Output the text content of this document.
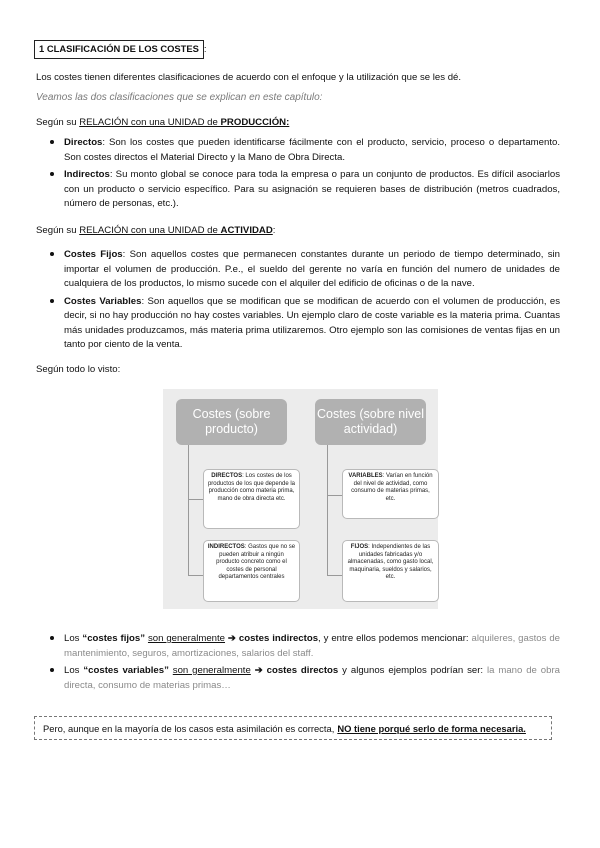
1 CLASIFICACIÓN DE LOS COSTES :

Los costes tienen diferentes clasificaciones de acuerdo con el enfoque y la utilización que se les dé.

Veamos las dos clasificaciones que se explican en este capítulo:

Según su RELACIÓN con una UNIDAD de PRODUCCIÓN:

• Directos: Son los costes que pueden identificarse fácilmente con el producto, servicio, proceso o departamento. Son costes directos el Material Directo y la Mano de Obra Directa.
• Indirectos: Su monto global se conoce para toda la empresa o para un conjunto de productos. Es difícil asociarlos con un producto o servicio específico. Para su asignación se requieren bases de distribución (metros cuadrados, número de personas, etc.).

Según su RELACIÓN con una UNIDAD de ACTIVIDAD:

• Costes Fijos: Son aquellos costes que permanecen constantes durante un periodo de tiempo determinado, sin importar el volumen de producción. P.e., el sueldo del gerente no varía en función del numero de unidades de cualquiera de los productos, lo mismo sucede con el alquiler del edificio de oficinas o de la nave.
• Costes Variables: Son aquellos que se modifican que se modifican de acuerdo con el volumen de producción, es decir, si no hay producción no hay costes variables. Un ejemplo claro de coste variable es la materia prima. Cuantas más unidades produzcamos, más materia prima utilizaremos. Otro ejemplo son las comisiones de ventas fijas en un tanto por ciento de la venta.

Según todo lo visto:

Costes (sobre producto)
Costes (sobre nivel actividad)
DIRECTOS: Los costes de los productos de los que depende la producción como materia prima, mano de obra directa etc.
INDIRECTOS: Gastos que no se pueden atribuir a ningún producto concreto como el costes de personal departamentos centrales
VARIABLES: Varían en función del nivel de actividad, como consumo de materias primas, etc.
FIJOS: Independientes de las unidades fabricadas y/o almacenadas, como gasto local, maquinaria, sueldos y salarios, etc.
• Los “costes fijos” son generalmente ➔ costes indirectos, y entre ellos podemos mencionar: alquileres, gastos de mantenimiento, seguros, amortizaciones, salarios del staff.
• Los “costes variables” son generalmente ➔ costes directos y algunos ejemplos podrían ser: la mano de obra directa, consumo de materias primas…
Pero, aunque en la mayoría de los casos esta asimilación es correcta, NO tiene porqué serlo de forma necesaria.
